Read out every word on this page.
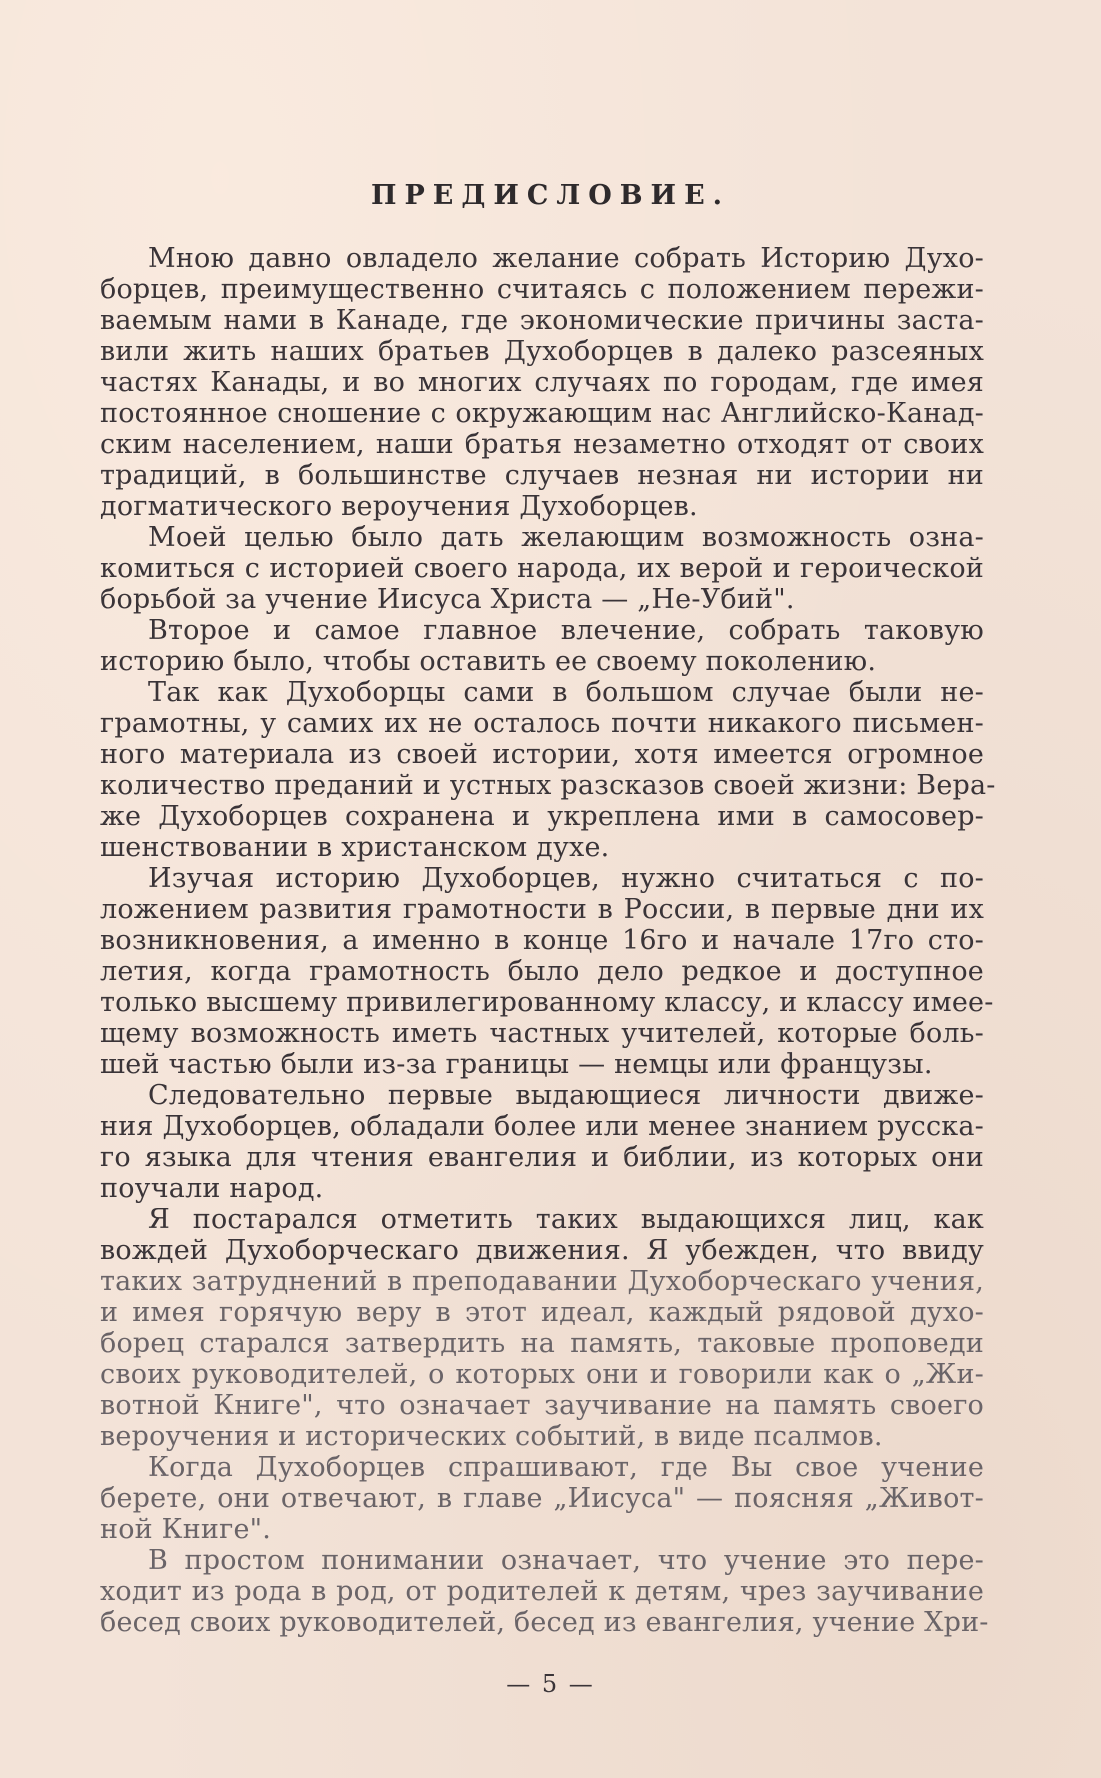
ПРЕДИСЛОВИЕ.
Мною давно овладело желание собрать Историю Духо-
борцев, преимущественно считаясь с положением пережи-
ваемым нами в Канаде, где экономические причины заста-
вили жить наших братьев Духоборцев в далеко разсеяных
частях Канады, и во многих случаях по городам, где имея
постоянное сношение с окружающим нас Английско-Канад-
ским населением, наши братья незаметно отходят от своих
традиций, в большинстве случаев незная ни истории ни
догматического вероучения Духоборцев.
Моей целью было дать желающим возможность озна-
комиться с историей своего народа, их верой и героической
борьбой за учение Иисуса Христа — „Не-Убий".
Второе и самое главное влечение, собрать таковую
историю было, чтобы оставить ее своему поколению.
Так как Духоборцы сами в большом случае были не-
грамотны, у самих их не осталось почти никакого письмен-
ного материала из своей истории, хотя имеется огромное
количество преданий и устных разсказов своей жизни: Вера-
же Духоборцев сохранена и укреплена ими в самосовер-
шенствовании в христанском духе.
Изучая историю Духоборцев, нужно считаться с по-
ложением развития грамотности в России, в первые дни их
возникновения, а именно в конце 16го и начале 17го сто-
летия, когда грамотность было дело редкое и доступное
только высшему привилегированному классу, и классу имее-
щему возможность иметь частных учителей, которые боль-
шей частью были из-за границы — немцы или французы.
Следовательно первые выдающиеся личности движе-
ния Духоборцев, обладали более или менее знанием русска-
го языка для чтения евангелия и библии, из которых они
поучали народ.
Я постарался отметить таких выдающихся лиц, как
вождей Духоборческаго движения. Я убежден, что ввиду
таких затруднений в преподавании Духоборческаго учения,
и имея горячую веру в этот идеал, каждый рядовой духо-
борец старался затвердить на память, таковые проповеди
своих руководителей, о которых они и говорили как о „Жи-
вотной Книге", что означает заучивание на память своего
вероучения и исторических событий, в виде псалмов.
Когда Духоборцев спрашивают, где Вы свое учение
берете, они отвечают, в главе „Иисуса" — поясняя „Живот-
ной Книге".
В простом понимании означает, что учение это пере-
ходит из рода в род, от родителей к детям, чрез заучивание
бесед своих руководителей, бесед из евангелия, учение Хри-
— 5 —
